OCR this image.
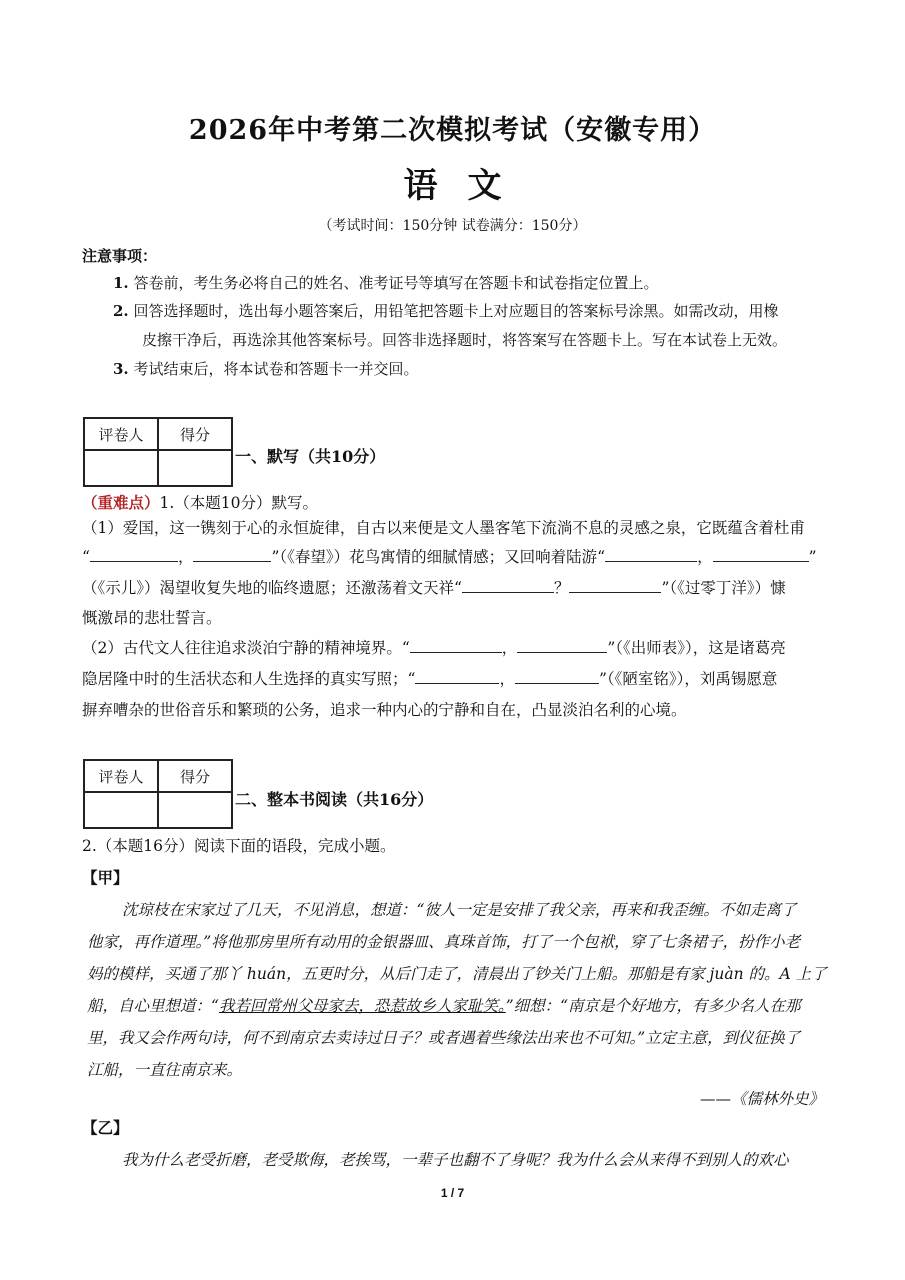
2026年中考第二次模拟考试（安徽专用）
语文
（考试时间：150分钟 试卷满分：150分）
注意事项：
1. 答卷前，考生务必将自己的姓名、准考证号等填写在答题卡和试卷指定位置上。
2. 回答选择题时，选出每小题答案后，用铅笔把答题卡上对应题目的答案标号涂黑。如需改动，用橡
皮擦干净后，再选涂其他答案标号。回答非选择题时，将答案写在答题卡上。写在本试卷上无效。
3. 考试结束后，将本试卷和答题卡一并交回。
评卷人	得分

一、默写（共10分）
（重难点）1.（本题10分）默写。
（1）爱国，这一镌刻于心的永恒旋律，自古以来便是文人墨客笔下流淌不息的灵感之泉，它既蕴含着杜甫
“	，	”（《春望》）花鸟寓情的细腻情感；又回响着陆游“	，	”
（《示儿》）渴望收复失地的临终遗愿；还激荡着文天祥“	？	”（《过零丁洋》）慷
慨激昂的悲壮誓言。
（2）古代文人往往追求淡泊宁静的精神境界。“	，	”（《出师表》），这是诸葛亮
隐居隆中时的生活状态和人生选择的真实写照；“	，	”（《陋室铭》），刘禹锡愿意
摒弃嘈杂的世俗音乐和繁琐的公务，追求一种内心的宁静和自在，凸显淡泊名利的心境。
评卷人	得分

二、整本书阅读（共16分）
2.（本题16分）阅读下面的语段，完成小题。
【甲】
沈琼枝在宋家过了几天，不见消息，想道：“彼人一定是安排了我父亲，再来和我歪缠。不如走离了
他家，再作道理。”将他那房里所有动用的金银器皿、真珠首饰，打了一个包袱，穿了七条裙子，扮作小老
妈的模样，买通了那丫 huán，五更时分，从后门走了，清晨出了钞关门上船。那船是有家 juàn 的。A 上了
船，自心里想道：“我若回常州父母家去，恐惹故乡人家耻笑。”细想：“南京是个好地方，有多少名人在那
里，我又会作两句诗，何不到南京去卖诗过日子？或者遇着些缘法出来也不可知。”立定主意，到仪征换了
江船，一直往南京来。
——《儒林外史》
【乙】
我为什么老受折磨，老受欺侮，老挨骂，一辈子也翻不了身呢？我为什么会从来得不到别人的欢心
1 / 7
